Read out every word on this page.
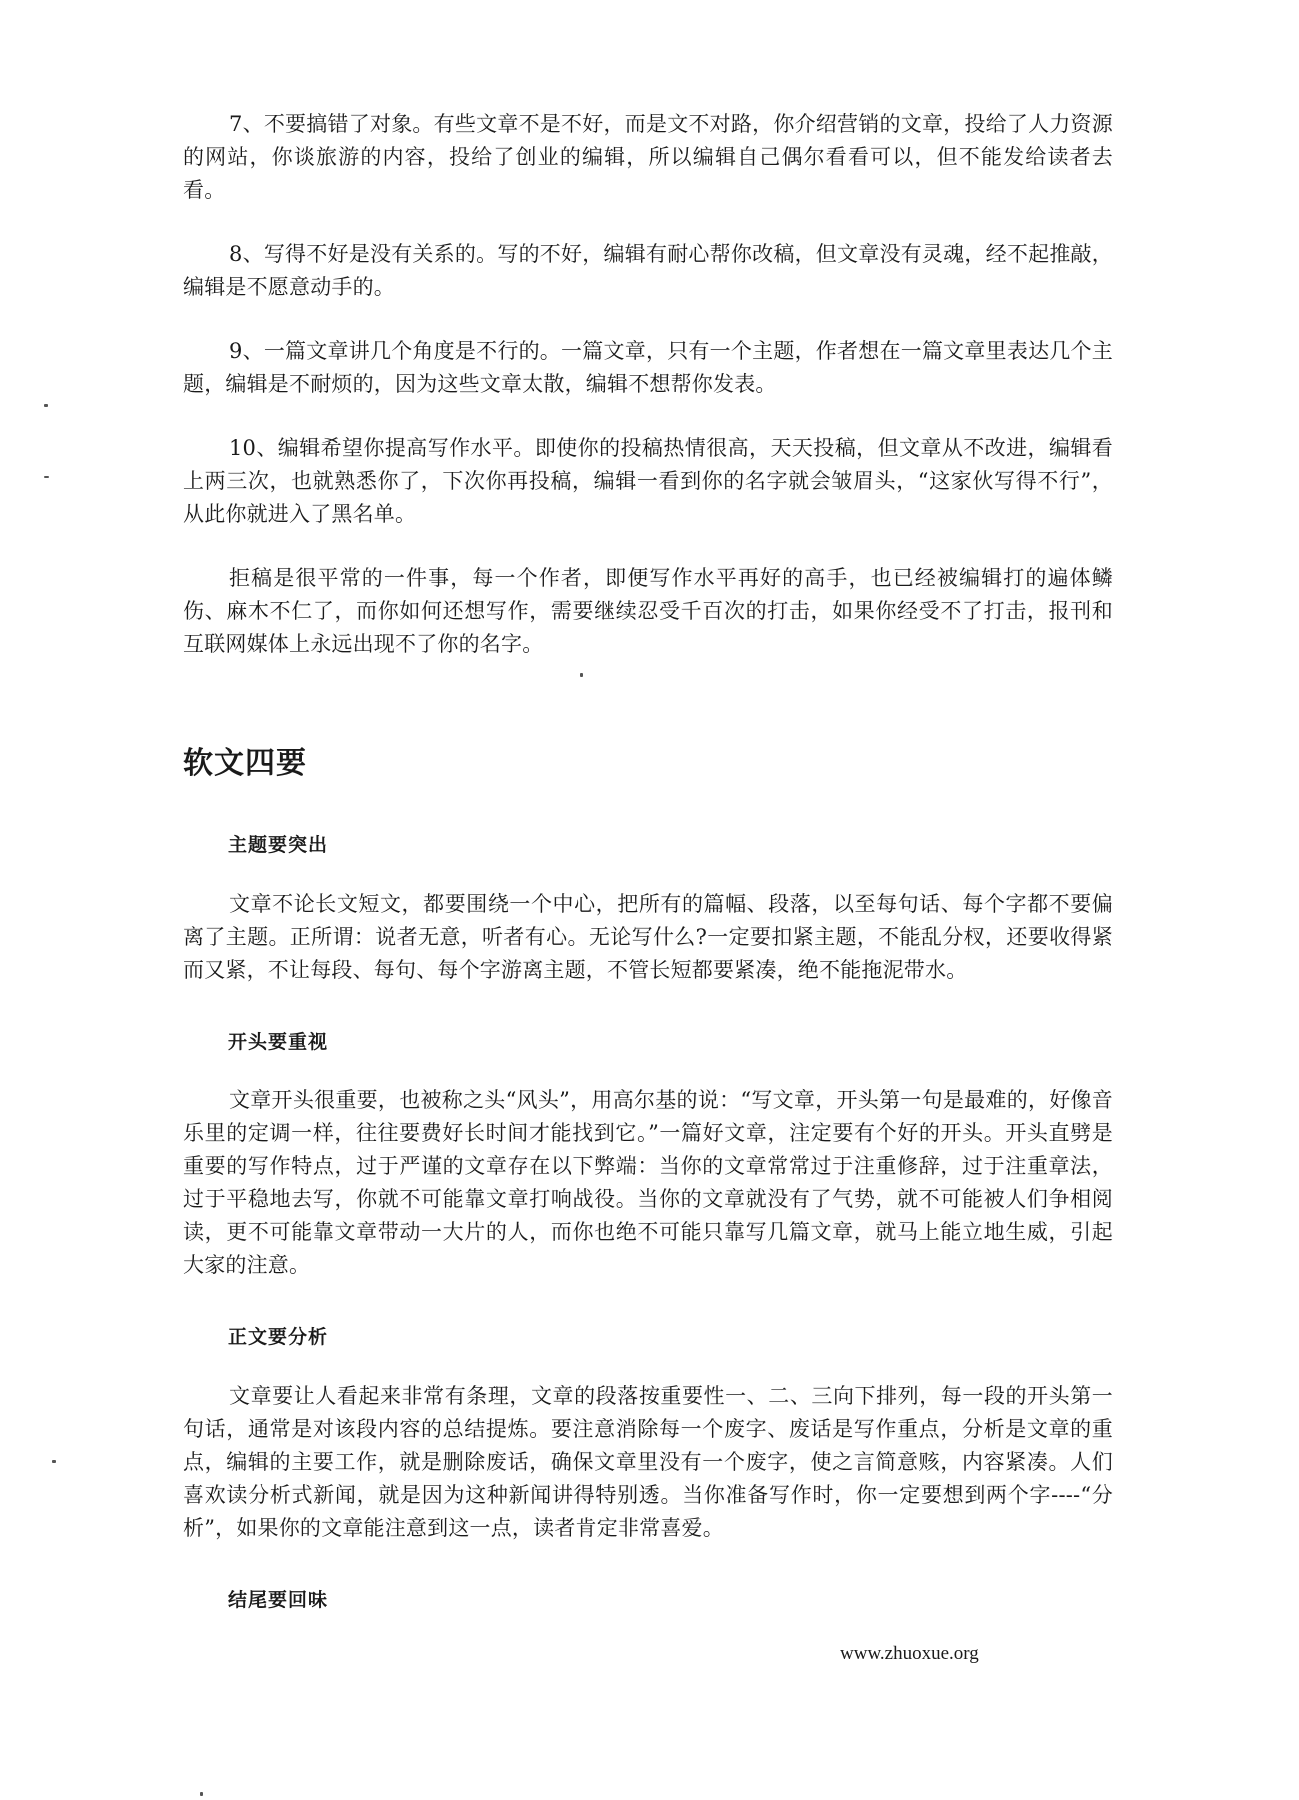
7、不要搞错了对象。有些文章不是不好，而是文不对路，你介绍营销的文章，投给了人力资源的网站，你谈旅游的内容，投给了创业的编辑，所以编辑自己偶尔看看可以，但不能发给读者去看。

8、写得不好是没有关系的。写的不好，编辑有耐心帮你改稿，但文章没有灵魂，经不起推敲，编辑是不愿意动手的。

9、一篇文章讲几个角度是不行的。一篇文章，只有一个主题，作者想在一篇文章里表达几个主题，编辑是不耐烦的，因为这些文章太散，编辑不想帮你发表。

10、编辑希望你提高写作水平。即使你的投稿热情很高，天天投稿，但文章从不改进，编辑看上两三次，也就熟悉你了，下次你再投稿，编辑一看到你的名字就会皱眉头，“这家伙写得不行”，从此你就进入了黑名单。

拒稿是很平常的一件事，每一个作者，即便写作水平再好的高手，也已经被编辑打的遍体鳞伤、麻木不仁了，而你如何还想写作，需要继续忍受千百次的打击，如果你经受不了打击，报刊和互联网媒体上永远出现不了你的名字。

软文四要
主题要突出

文章不论长文短文，都要围绕一个中心，把所有的篇幅、段落，以至每句话、每个字都不要偏离了主题。正所谓：说者无意，听者有心。无论写什么?一定要扣紧主题，不能乱分杈，还要收得紧而又紧，不让每段、每句、每个字游离主题，不管长短都要紧凑，绝不能拖泥带水。

开头要重视

文章开头很重要，也被称之头“风头”，用高尔基的说：“写文章，开头第一句是最难的，好像音乐里的定调一样，往往要费好长时间才能找到它。”一篇好文章，注定要有个好的开头。开头直劈是重要的写作特点，过于严谨的文章存在以下弊端：当你的文章常常过于注重修辞，过于注重章法，过于平稳地去写，你就不可能靠文章打响战役。当你的文章就没有了气势，就不可能被人们争相阅读，更不可能靠文章带动一大片的人，而你也绝不可能只靠写几篇文章，就马上能立地生威，引起大家的注意。

正文要分析

文章要让人看起来非常有条理，文章的段落按重要性一、二、三向下排列，每一段的开头第一句话，通常是对该段内容的总结提炼。要注意消除每一个废字、废话是写作重点，分析是文章的重点，编辑的主要工作，就是删除废话，确保文章里没有一个废字，使之言简意赅，内容紧凑。人们喜欢读分析式新闻，就是因为这种新闻讲得特别透。当你准备写作时，你一定要想到两个字----“分析”，如果你的文章能注意到这一点，读者肯定非常喜爱。

结尾要回味

www.zhuoxue.org
